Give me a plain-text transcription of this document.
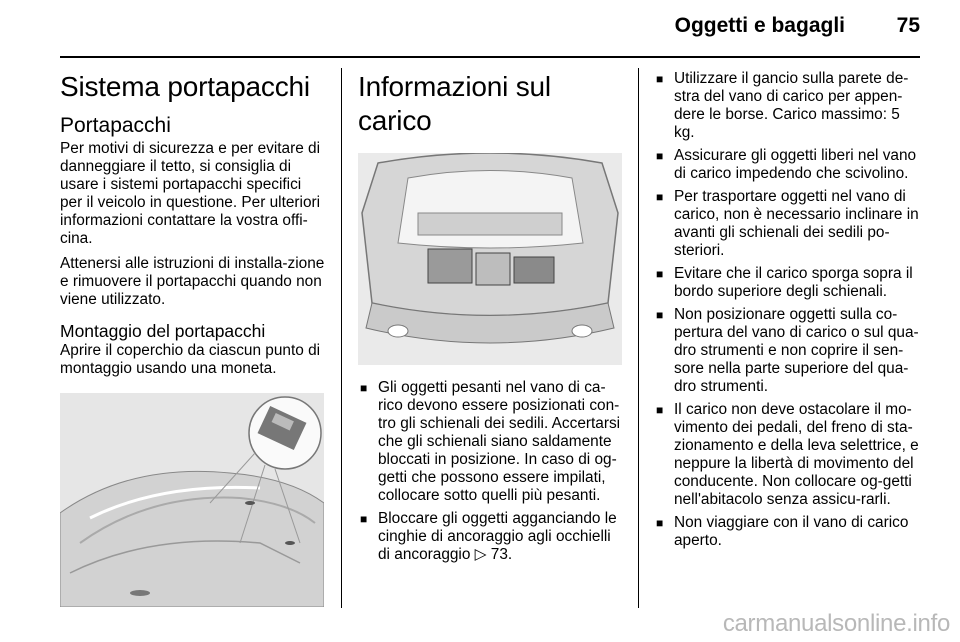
Oggetti e bagagli	75
Sistema portapacchi
Portapacchi

Per motivi di sicurezza e per evitare di danneggiare il tetto, si consiglia di usare i sistemi portapacchi specifici per il veicolo in questione. Per ulteriori informazioni contattare la vostra offi-cina.

Attenersi alle istruzioni di installa-zione e rimuovere il portapacchi quando non viene utilizzato.

Montaggio del portapacchi

Aprire il coperchio da ciascun punto di montaggio usando una moneta.

Informazioni sul carico
■ Gli oggetti pesanti nel vano di ca-rico devono essere posizionati con-tro gli schienali dei sedili. Accertarsi che gli schienali siano saldamente bloccati in posizione. In caso di og-getti che possono essere impilati, collocare sotto quelli più pesanti.
■ Bloccare gli oggetti agganciando le cinghie di ancoraggio agli occhielli di ancoraggio ▷ 73.
■ Utilizzare il gancio sulla parete de-stra del vano di carico per appen-dere le borse. Carico massimo: 5 kg.
■ Assicurare gli oggetti liberi nel vano di carico impedendo che scivolino.
■ Per trasportare oggetti nel vano di carico, non è necessario inclinare in avanti gli schienali dei sedili po-steriori.
■ Evitare che il carico sporga sopra il bordo superiore degli schienali.
■ Non posizionare oggetti sulla co-pertura del vano di carico o sul qua-dro strumenti e non coprire il sen-sore nella parte superiore del qua-dro strumenti.
■ Il carico non deve ostacolare il mo-vimento dei pedali, del freno di sta-zionamento e della leva selettrice, e neppure la libertà di movimento del conducente. Non collocare og-getti nell'abitacolo senza assicu-rarli.
■ Non viaggiare con il vano di carico aperto.
carmanualsonline.info
